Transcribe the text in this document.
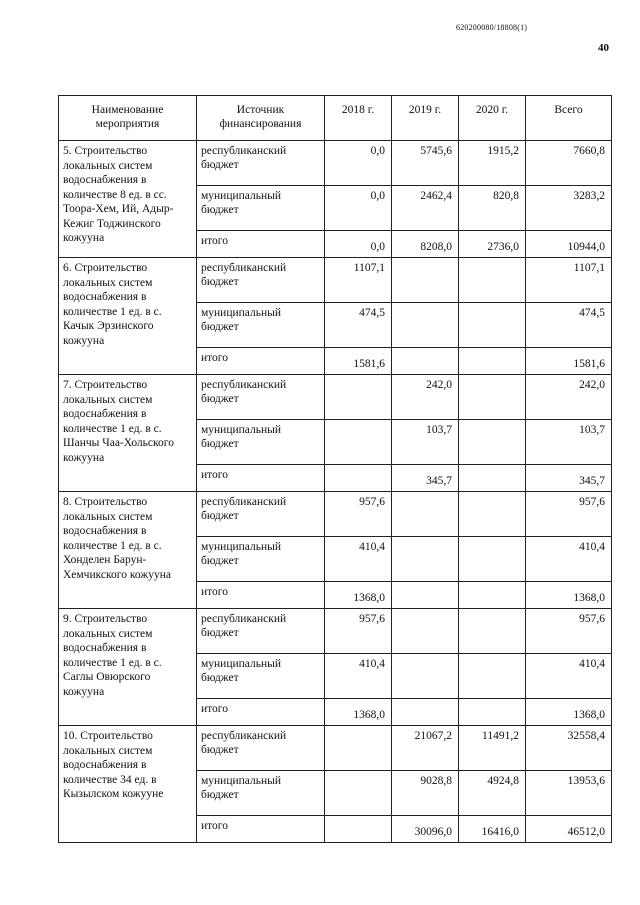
620200080/18808(1)
40
Наименование мероприятия	Источник финансирования	2018 г.	2019 г.	2020 г.	Всего
5. Строительство локальных систем водоснабжения в количестве 8 ед. в сс. Тоора-Хем, Ий, Адыр-Кежиг Тоджинского кожууна	республиканский бюджет	0,0	5745,6	1915,2	7660,8
	муниципальный бюджет	0,0	2462,4	820,8	3283,2
	итого	0,0	8208,0	2736,0	10944,0
6. Строительство локальных систем водоснабжения в количестве 1 ед. в с. Качык Эрзинского кожууна	республиканский бюджет	1107,1			1107,1
	муниципальный бюджет	474,5			474,5
	итого	1581,6			1581,6
7. Строительство локальных систем водоснабжения в количестве 1 ед. в с. Шанчы Чаа-Хольского кожууна	республиканский бюджет		242,0		242,0
	муниципальный бюджет		103,7		103,7
	итого		345,7		345,7
8. Строительство локальных систем водоснабжения в количестве 1 ед. в с. Хонделен Барун-Хемчикского кожууна	республиканский бюджет	957,6			957,6
	муниципальный бюджет	410,4			410,4
	итого	1368,0			1368,0
9. Строительство локальных систем водоснабжения в количестве 1 ед. в с. Саглы Овюрского кожууна	республиканский бюджет	957,6			957,6
	муниципальный бюджет	410,4			410,4
	итого	1368,0			1368,0
10. Строительство локальных систем водоснабжения в количестве 34 ед. в Кызылском кожууне	республиканский бюджет		21067,2	11491,2	32558,4
	муниципальный бюджет		9028,8	4924,8	13953,6
	итого		30096,0	16416,0	46512,0
